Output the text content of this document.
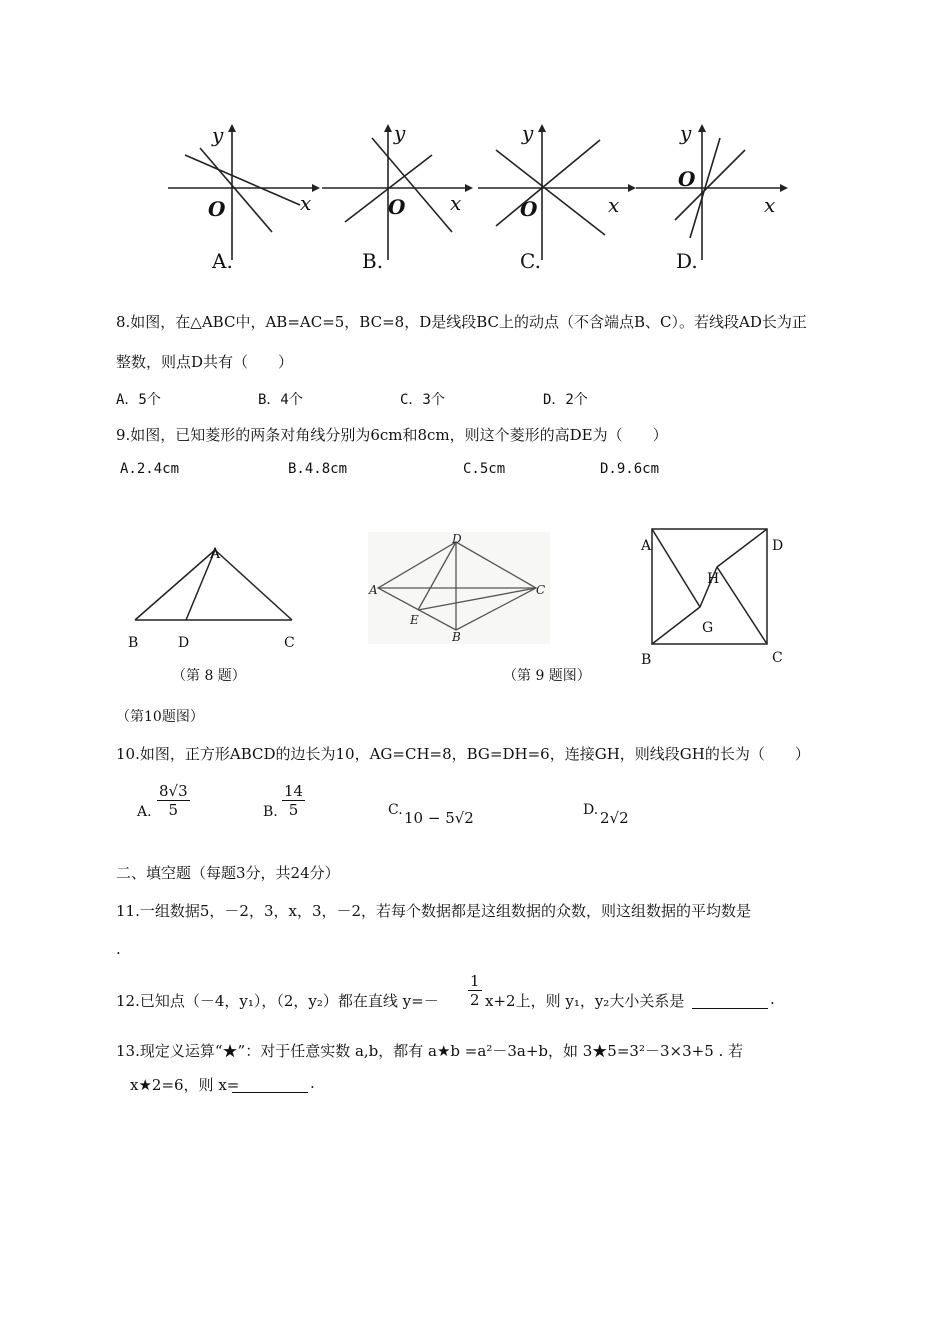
y
x
O
y
x
O
y
x
O
y
x
O
A.	B.	C.	D.
8.如图，在△ABC中，AB=AC=5，BC=8，D是线段BC上的动点（不含端点B、C）。若线段AD长为正
整数，则点D共有（　　）
A．5个	B．4个	C．3个	D．2个
9.如图，已知菱形的两条对角线分别为6cm和8cm，则这个菱形的高DE为（　　）
A.2.4cm	B.4.8cm	C.5cm	D.9.6cm
A
B	D	C
（第 8 题）
D
A	C
E
B
（第 9 题图）
A	D
H
G
B	C
（第10题图）
10.如图，正方形ABCD的边长为10，AG=CH=8，BG=DH=6，连接GH，则线段GH的长为（　　）
A. $\frac{8√3}{5}$	B. $\frac{14}{5}$	C. 10 − 5√2	D. 2√2
二、填空题（每题3分，共24分）
11.一组数据5，－2，3，x，3，－2，若每个数据都是这组数据的众数，则这组数据的平均数是
.
12.已知点（－4，y₁），（2，y₂）都在直线 $y=- \frac{1}{2} x+2$上，则 y₁，y₂大小关系是	.
13.现定义运算“★”：对于任意实数 a,b，都有 a★b =a²－3a+b，如 3★5=3²－3×3+5 . 若
x★2=6，则 x=	.
